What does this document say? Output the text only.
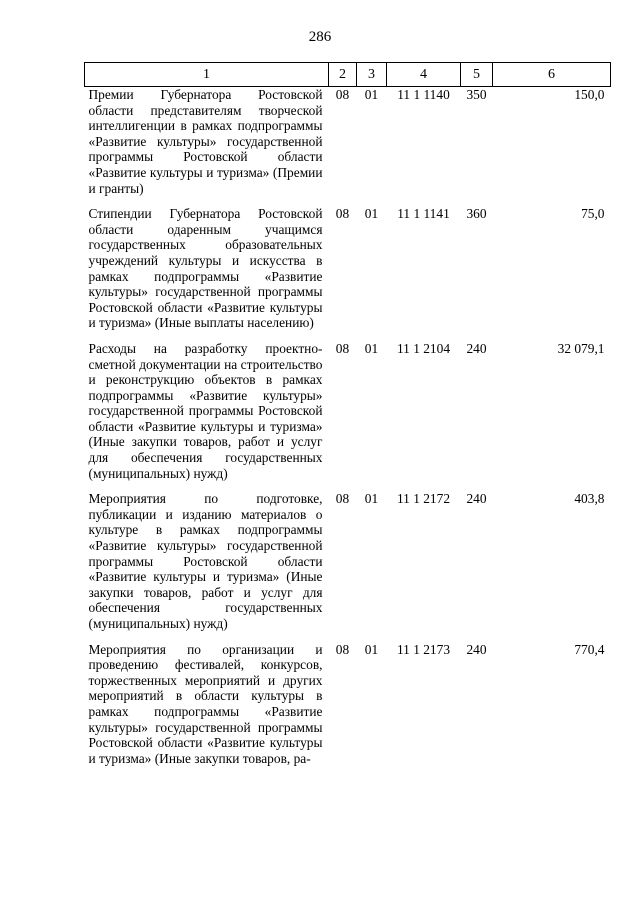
286
1	2	3	4	5	6
Премии Губернатора Ростовской области представителям творческой интеллигенции в рамках подпрограммы «Развитие культуры» государственной программы Ростовской области «Развитие культуры и туризма» (Премии и гранты)	08	01	11 1 1140	350	150,0
Стипендии Губернатора Ростовской области одаренным учащимся государственных образовательных учреждений культуры и искусства в рамках подпрограммы «Развитие культуры» государственной программы Ростовской области «Развитие культуры и туризма» (Иные выплаты населению)	08	01	11 1 1141	360	75,0
Расходы на разработку проектно-сметной документации на строительство и реконструкцию объектов в рамках подпрограммы «Развитие культуры» государственной программы Ростовской области «Развитие культуры и туризма» (Иные закупки товаров, работ и услуг для обеспечения государственных (муниципальных) нужд)	08	01	11 1 2104	240	32 079,1
Мероприятия по подготовке, публикации и изданию материалов о культуре в рамках подпрограммы «Развитие культуры» государственной программы Ростовской области «Развитие культуры и туризма» (Иные закупки товаров, работ и услуг для обеспечения государственных (муниципальных) нужд)	08	01	11 1 2172	240	403,8
Мероприятия по организации и проведению фестивалей, конкурсов, торжественных мероприятий и других мероприятий в области культуры в рамках подпрограммы «Развитие культуры» государственной программы Ростовской области «Развитие культуры и туризма» (Иные закупки товаров, ра-	08	01	11 1 2173	240	770,4
